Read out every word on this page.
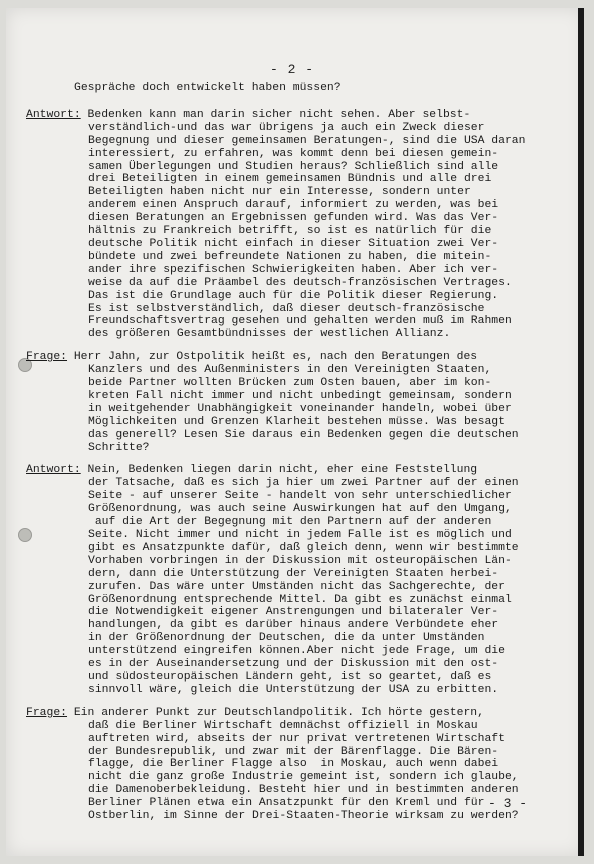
- 2 -
Gespräche doch entwickelt haben müssen?
Antwort: Bedenken kann man darin sicher nicht sehen. Aber selbst-
verständlich-und das war übrigens ja auch ein Zweck dieser
Begegnung und dieser gemeinsamen Beratungen-, sind die USA daran
interessiert, zu erfahren, was kommt denn bei diesen gemein-
samen Überlegungen und Studien heraus? Schließlich sind alle
drei Beteiligten in einem gemeinsamen Bündnis und alle drei
Beteiligten haben nicht nur ein Interesse, sondern unter
anderem einen Anspruch darauf, informiert zu werden, was bei
diesen Beratungen an Ergebnissen gefunden wird. Was das Ver-
hältnis zu Frankreich betrifft, so ist es natürlich für die
deutsche Politik nicht einfach in dieser Situation zwei Ver-
bündete und zwei befreundete Nationen zu haben, die mitein-
ander ihre spezifischen Schwierigkeiten haben. Aber ich ver-
weise da auf die Präambel des deutsch-französischen Vertrages.
Das ist die Grundlage auch für die Politik dieser Regierung.
Es ist selbstverständlich, daß dieser deutsch-französische
Freundschaftsvertrag gesehen und gehalten werden muß im Rahmen
des größeren Gesamtbündnisses der westlichen Allianz.
Frage: Herr Jahn, zur Ostpolitik heißt es, nach den Beratungen des
Kanzlers und des Außenministers in den Vereinigten Staaten,
beide Partner wollten Brücken zum Osten bauen, aber im kon-
kreten Fall nicht immer und nicht unbedingt gemeinsam, sondern
in weitgehender Unabhängigkeit voneinander handeln, wobei über
Möglichkeiten und Grenzen Klarheit bestehen müsse. Was besagt
das generell? Lesen Sie daraus ein Bedenken gegen die deutschen
Schritte?
Antwort: Nein, Bedenken liegen darin nicht, eher eine Feststellung
der Tatsache, daß es sich ja hier um zwei Partner auf der einen
Seite - auf unserer Seite - handelt von sehr unterschiedlicher
Größenordnung, was auch seine Auswirkungen hat auf den Umgang,
auf die Art der Begegnung mit den Partnern auf der anderen
Seite. Nicht immer und nicht in jedem Falle ist es möglich und
gibt es Ansatzpunkte dafür, daß gleich denn, wenn wir bestimmte
Vorhaben vorbringen in der Diskussion mit osteuropäischen Län-
dern, dann die Unterstützung der Vereinigten Staaten herbei-
zurufen. Das wäre unter Umständen nicht das Sachgerechte, der
Größenordnung entsprechende Mittel. Da gibt es zunächst einmal
die Notwendigkeit eigener Anstrengungen und bilateraler Ver-
handlungen, da gibt es darüber hinaus andere Verbündete eher
in der Größenordnung der Deutschen, die da unter Umständen
unterstützend eingreifen können.Aber nicht jede Frage, um die
es in der Auseinandersetzung und der Diskussion mit den ost-
und südosteuropäischen Ländern geht, ist so geartet, daß es
sinnvoll wäre, gleich die Unterstützung der USA zu erbitten.
Frage: Ein anderer Punkt zur Deutschlandpolitik. Ich hörte gestern,
daß die Berliner Wirtschaft demnächst offiziell in Moskau
auftreten wird, abseits der nur privat vertretenen Wirtschaft
der Bundesrepublik, und zwar mit der Bärenflagge. Die Bären-
flagge, die Berliner Flagge also  in Moskau, auch wenn dabei
nicht die ganz große Industrie gemeint ist, sondern ich glaube,
die Damenoberbekleidung. Besteht hier und in bestimmten anderen
Berliner Plänen etwa ein Ansatzpunkt für den Kreml und für
Ostberlin, im Sinne der Drei-Staaten-Theorie wirksam zu werden?
- 3 -
